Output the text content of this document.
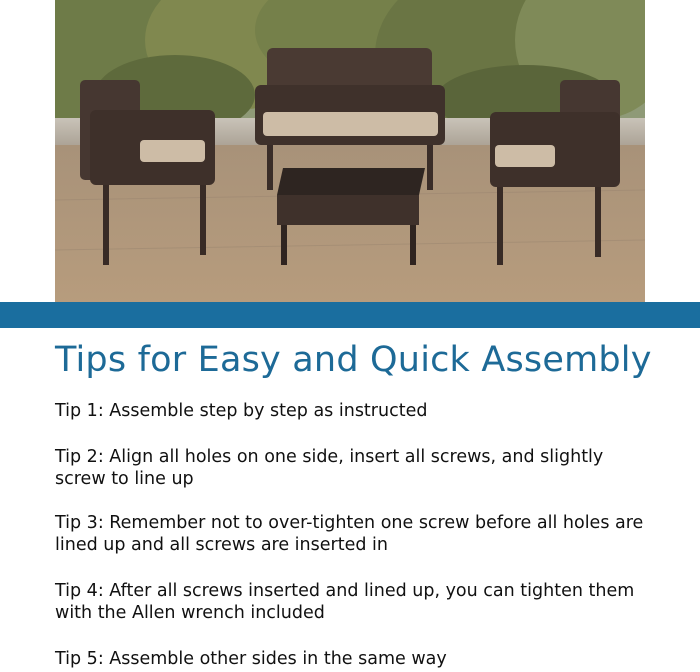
Tips for Easy and Quick Assembly

Tip 1: Assemble step by step as instructed

Tip 2: Align all holes on one side, insert all screws, and slightly screw to line up

Tip 3: Remember not to over-tighten one screw before all holes are lined up and all screws are inserted in

Tip 4: After all screws inserted and lined up, you can tighten them with the Allen wrench included

Tip 5: Assemble other sides in the same way
